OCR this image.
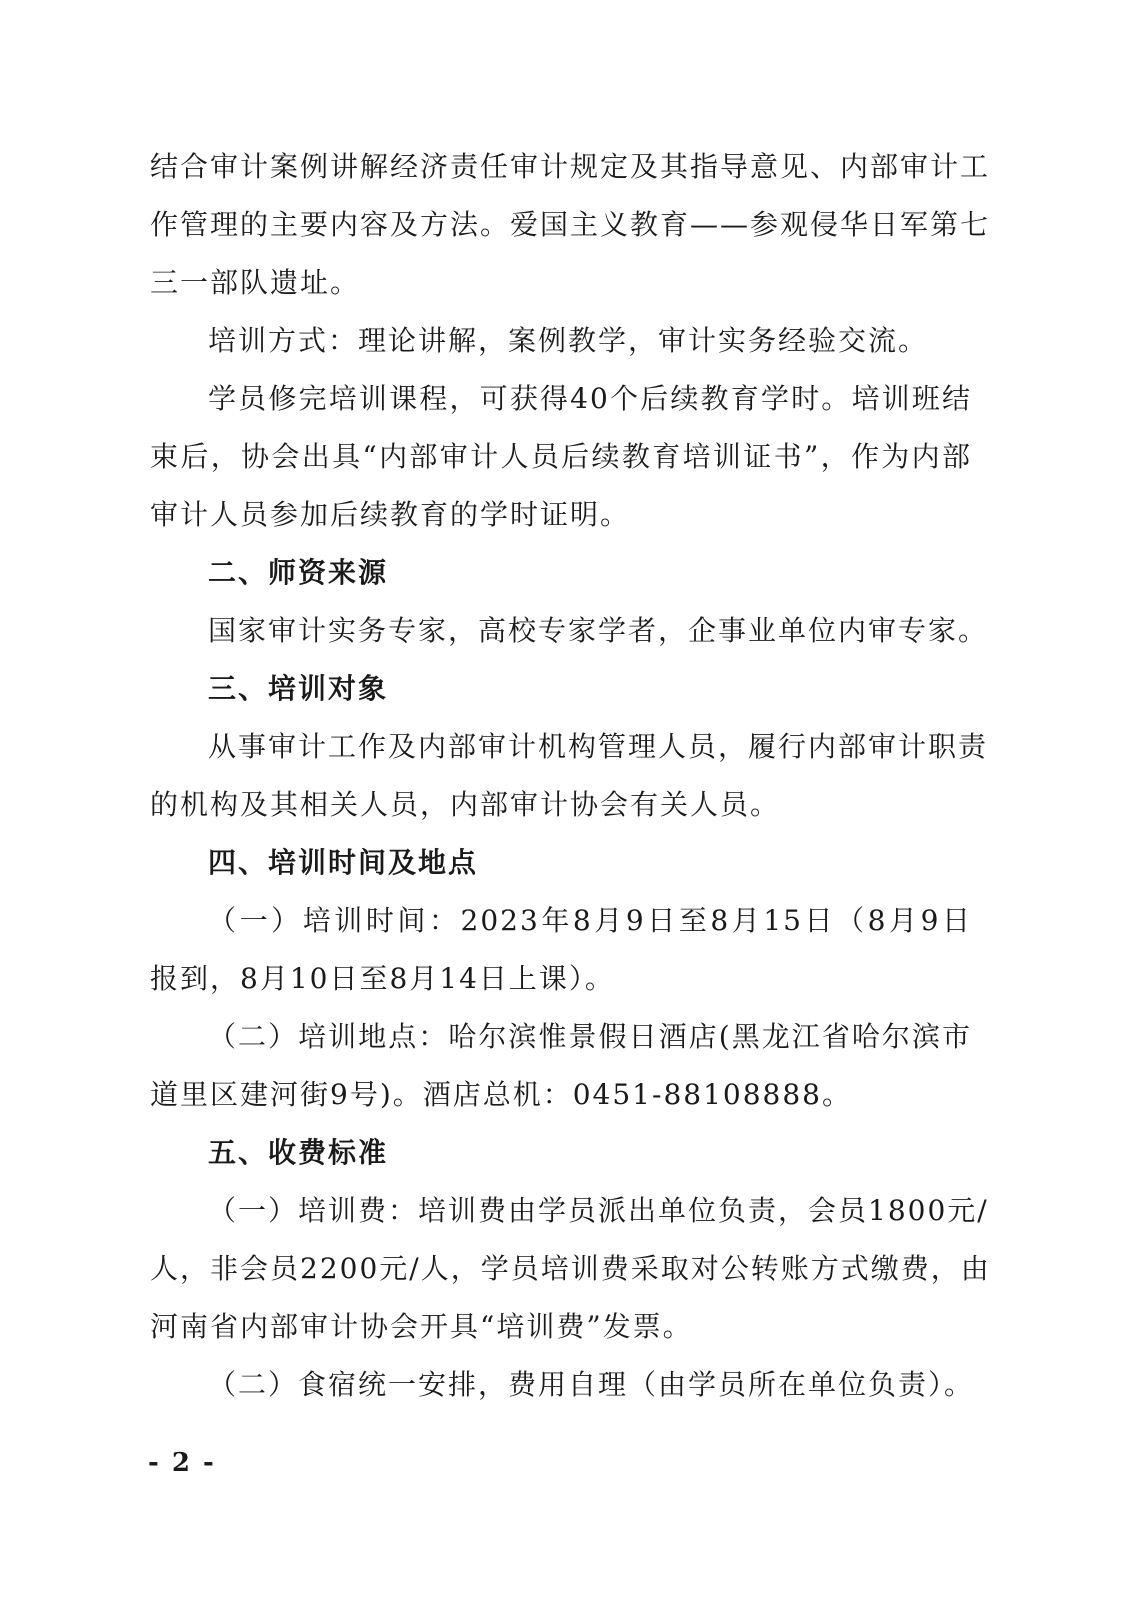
结合审计案例讲解经济责任审计规定及其指导意见、内部审计工
作管理的主要内容及方法。爱国主义教育——参观侵华日军第七
三一部队遗址。
培训方式：理论讲解，案例教学，审计实务经验交流。
学员修完培训课程，可获得40个后续教育学时。培训班结
束后，协会出具“内部审计人员后续教育培训证书”，作为内部
审计人员参加后续教育的学时证明。
二、师资来源
国家审计实务专家，高校专家学者，企事业单位内审专家。
三、培训对象
从事审计工作及内部审计机构管理人员，履行内部审计职责
的机构及其相关人员，内部审计协会有关人员。
四、培训时间及地点
（一）培训时间：2023年8月9日至8月15日（8月9日
报到，8月10日至8月14日上课）。
（二）培训地点：哈尔滨惟景假日酒店(黑龙江省哈尔滨市
道里区建河街9号)。酒店总机：0451-88108888。
五、收费标准
（一）培训费：培训费由学员派出单位负责，会员1800元/
人，非会员2200元/人，学员培训费采取对公转账方式缴费，由
河南省内部审计协会开具“培训费”发票。
（二）食宿统一安排，费用自理（由学员所在单位负责）。
- 2 -
